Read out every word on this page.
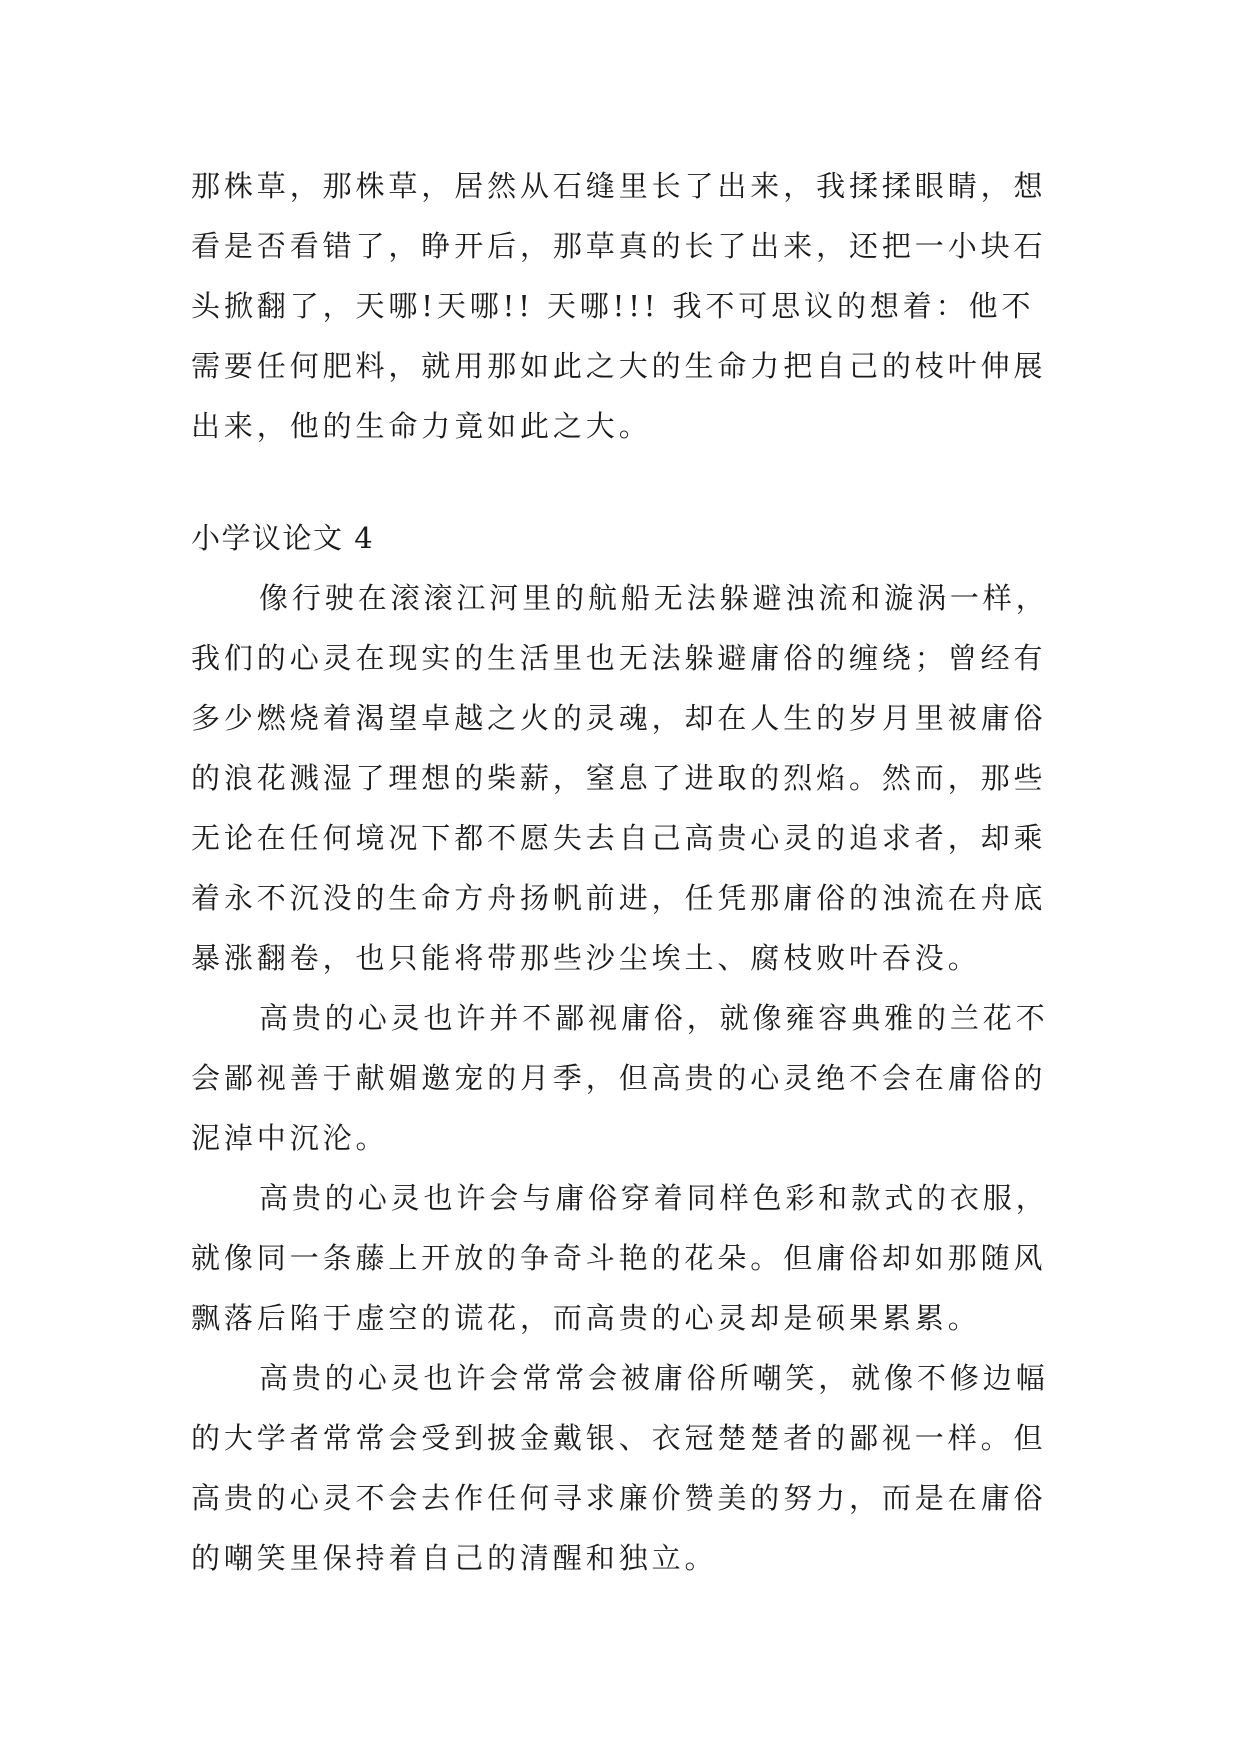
那株草，那株草，居然从石缝里长了出来，我揉揉眼睛，想
看是否看错了，睁开后，那草真的长了出来，还把一小块石
头掀翻了，天哪!天哪!! 天哪!!! 我不可思议的想着：他不
需要任何肥料，就用那如此之大的生命力把自己的枝叶伸展
出来，他的生命力竟如此之大。
小学议论文 4
像行驶在滚滚江河里的航船无法躲避浊流和漩涡一样，
我们的心灵在现实的生活里也无法躲避庸俗的缠绕；曾经有
多少燃烧着渴望卓越之火的灵魂，却在人生的岁月里被庸俗
的浪花溅湿了理想的柴薪，窒息了进取的烈焰。然而，那些
无论在任何境况下都不愿失去自己高贵心灵的追求者，却乘
着永不沉没的生命方舟扬帆前进，任凭那庸俗的浊流在舟底
暴涨翻卷，也只能将带那些沙尘埃土、腐枝败叶吞没。
高贵的心灵也许并不鄙视庸俗，就像雍容典雅的兰花不
会鄙视善于献媚邀宠的月季，但高贵的心灵绝不会在庸俗的
泥淖中沉沦。
高贵的心灵也许会与庸俗穿着同样色彩和款式的衣服，
就像同一条藤上开放的争奇斗艳的花朵。但庸俗却如那随风
飘落后陷于虚空的谎花，而高贵的心灵却是硕果累累。
高贵的心灵也许会常常会被庸俗所嘲笑，就像不修边幅
的大学者常常会受到披金戴银、衣冠楚楚者的鄙视一样。但
高贵的心灵不会去作任何寻求廉价赞美的努力，而是在庸俗
的嘲笑里保持着自己的清醒和独立。
